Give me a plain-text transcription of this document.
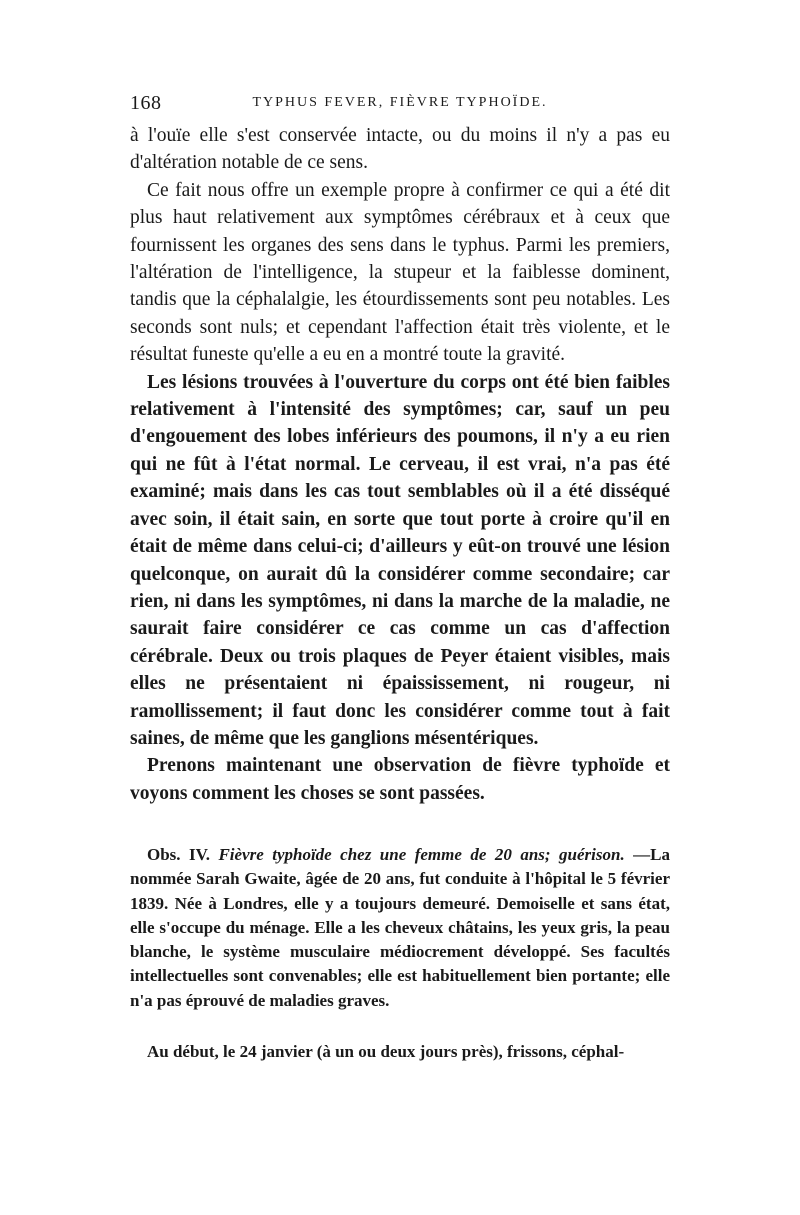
168	TYPHUS FEVER, FIÈVRE TYPHOÏDE.

à l'ouïe elle s'est conservée intacte, ou du moins il n'y a pas eu d'altération notable de ce sens.

Ce fait nous offre un exemple propre à confirmer ce qui a été dit plus haut relativement aux symptômes cérébraux et à ceux que fournissent les organes des sens dans le typhus. Parmi les premiers, l'altération de l'intelligence, la stupeur et la faiblesse dominent, tandis que la céphalalgie, les étourdissements sont peu notables. Les seconds sont nuls; et cependant l'affection était très violente, et le résultat funeste qu'elle a eu en a montré toute la gravité.

Les lésions trouvées à l'ouverture du corps ont été bien faibles relativement à l'intensité des symptômes; car, sauf un peu d'engouement des lobes inférieurs des poumons, il n'y a eu rien qui ne fût à l'état normal. Le cerveau, il est vrai, n'a pas été examiné; mais dans les cas tout semblables où il a été disséqué avec soin, il était sain, en sorte que tout porte à croire qu'il en était de même dans celui-ci; d'ailleurs y eût-on trouvé une lésion quelconque, on aurait dû la considérer comme secondaire; car rien, ni dans les symptômes, ni dans la marche de la maladie, ne saurait faire considérer ce cas comme un cas d'affection cérébrale. Deux ou trois plaques de Peyer étaient visibles, mais elles ne présentaient ni épaississement, ni rougeur, ni ramollissement; il faut donc les considérer comme tout à fait saines, de même que les ganglions mésentériques.

Prenons maintenant une observation de fièvre typhoïde et voyons comment les choses se sont passées.

Obs. IV. Fièvre typhoïde chez une femme de 20 ans; guérison. —La nommée Sarah Gwaite, âgée de 20 ans, fut conduite à l'hôpital le 5 février 1839. Née à Londres, elle y a toujours demeuré. Demoiselle et sans état, elle s'occupe du ménage. Elle a les cheveux châtains, les yeux gris, la peau blanche, le système musculaire médiocrement développé. Ses facultés intellectuelles sont convenables; elle est habituellement bien portante; elle n'a pas éprouvé de maladies graves.

Au début, le 24 janvier (à un ou deux jours près), frissons, céphal-
